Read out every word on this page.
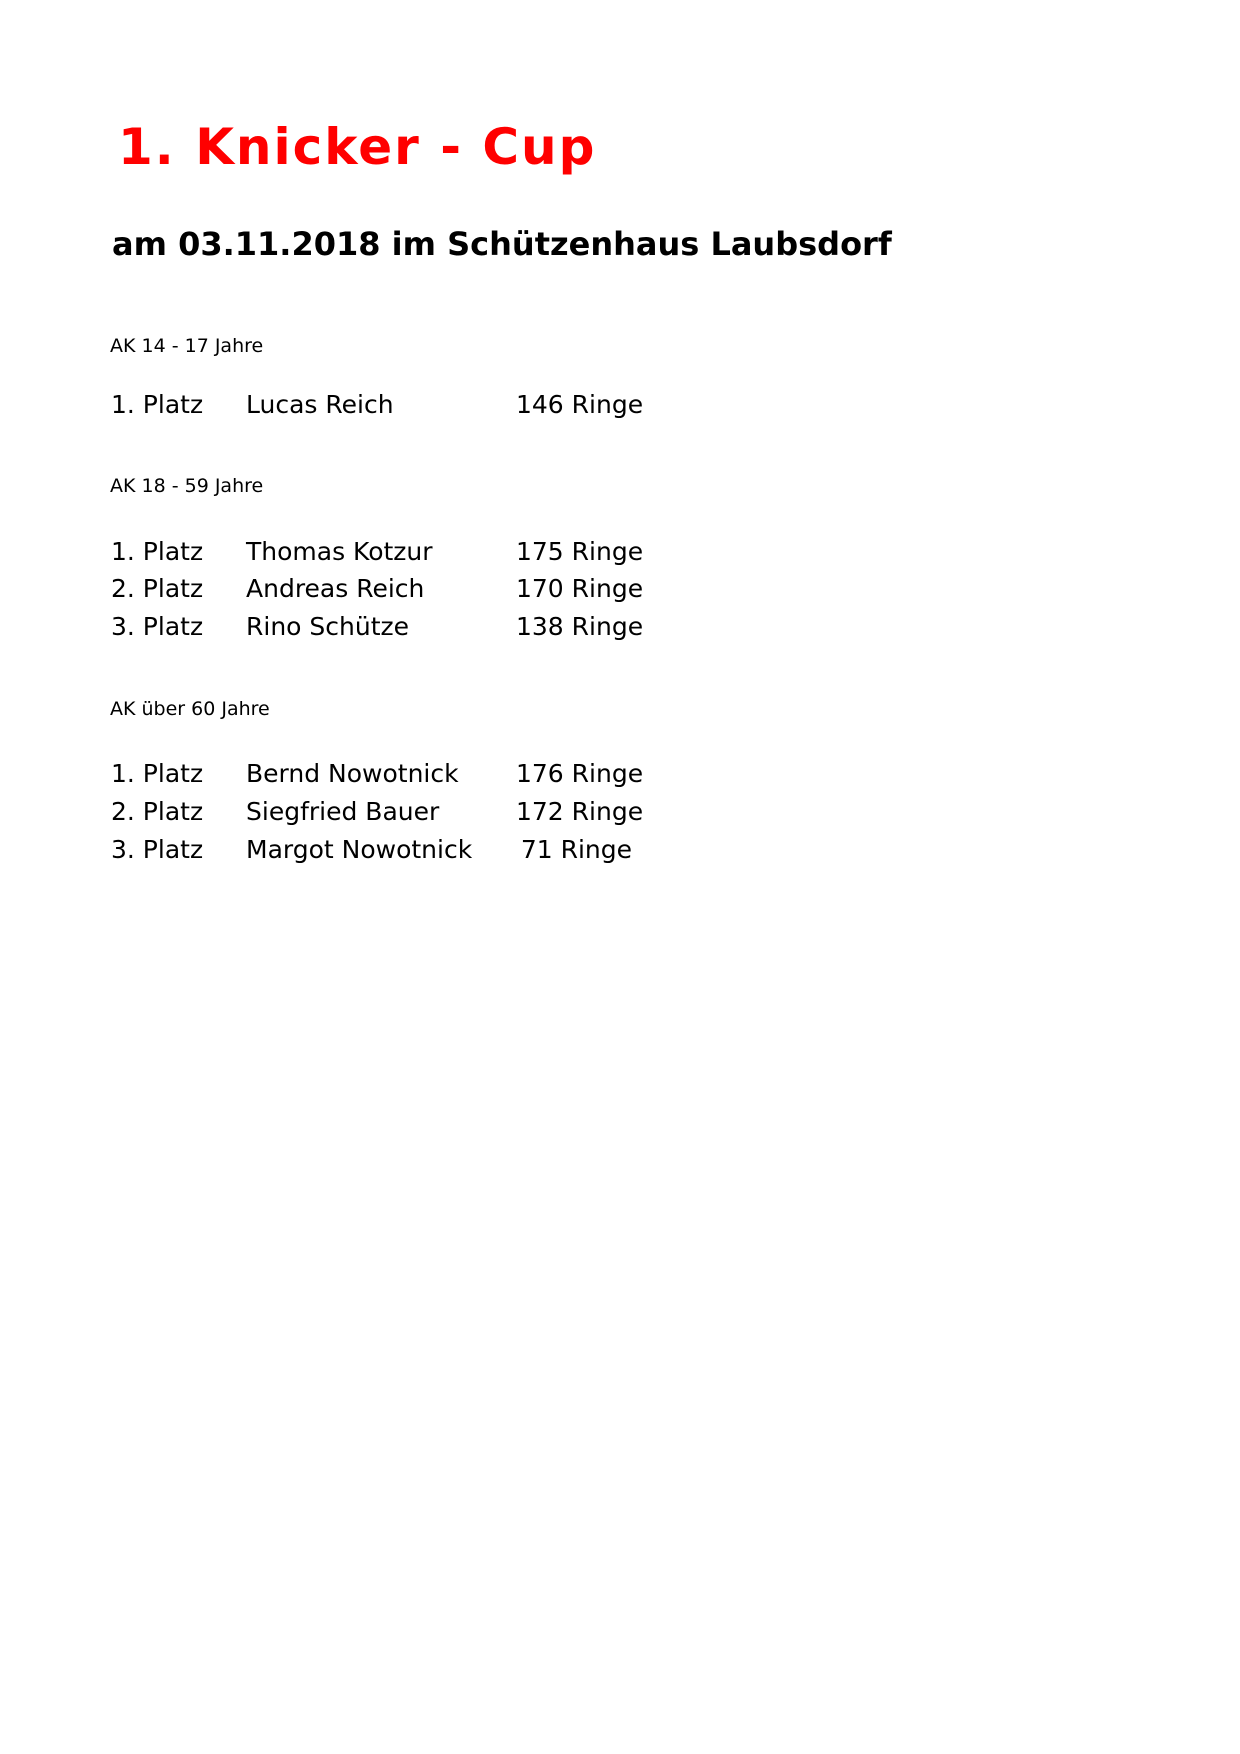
1. Knicker - Cup
am 03.11.2018 im Schützenhaus Laubsdorf
AK 14 - 17 Jahre
1. Platz Lucas Reich	146 Ringe
AK 18 - 59 Jahre
1. Platz Thomas Kotzur	175 Ringe
2. Platz Andreas Reich	170 Ringe
3. Platz Rino Schütze	138 Ringe
AK über 60 Jahre
1. Platz Bernd Nowotnick 176 Ringe
2. Platz Siegfried Bauer	172 Ringe
3. Platz Margot Nowotnick 71 Ringe
